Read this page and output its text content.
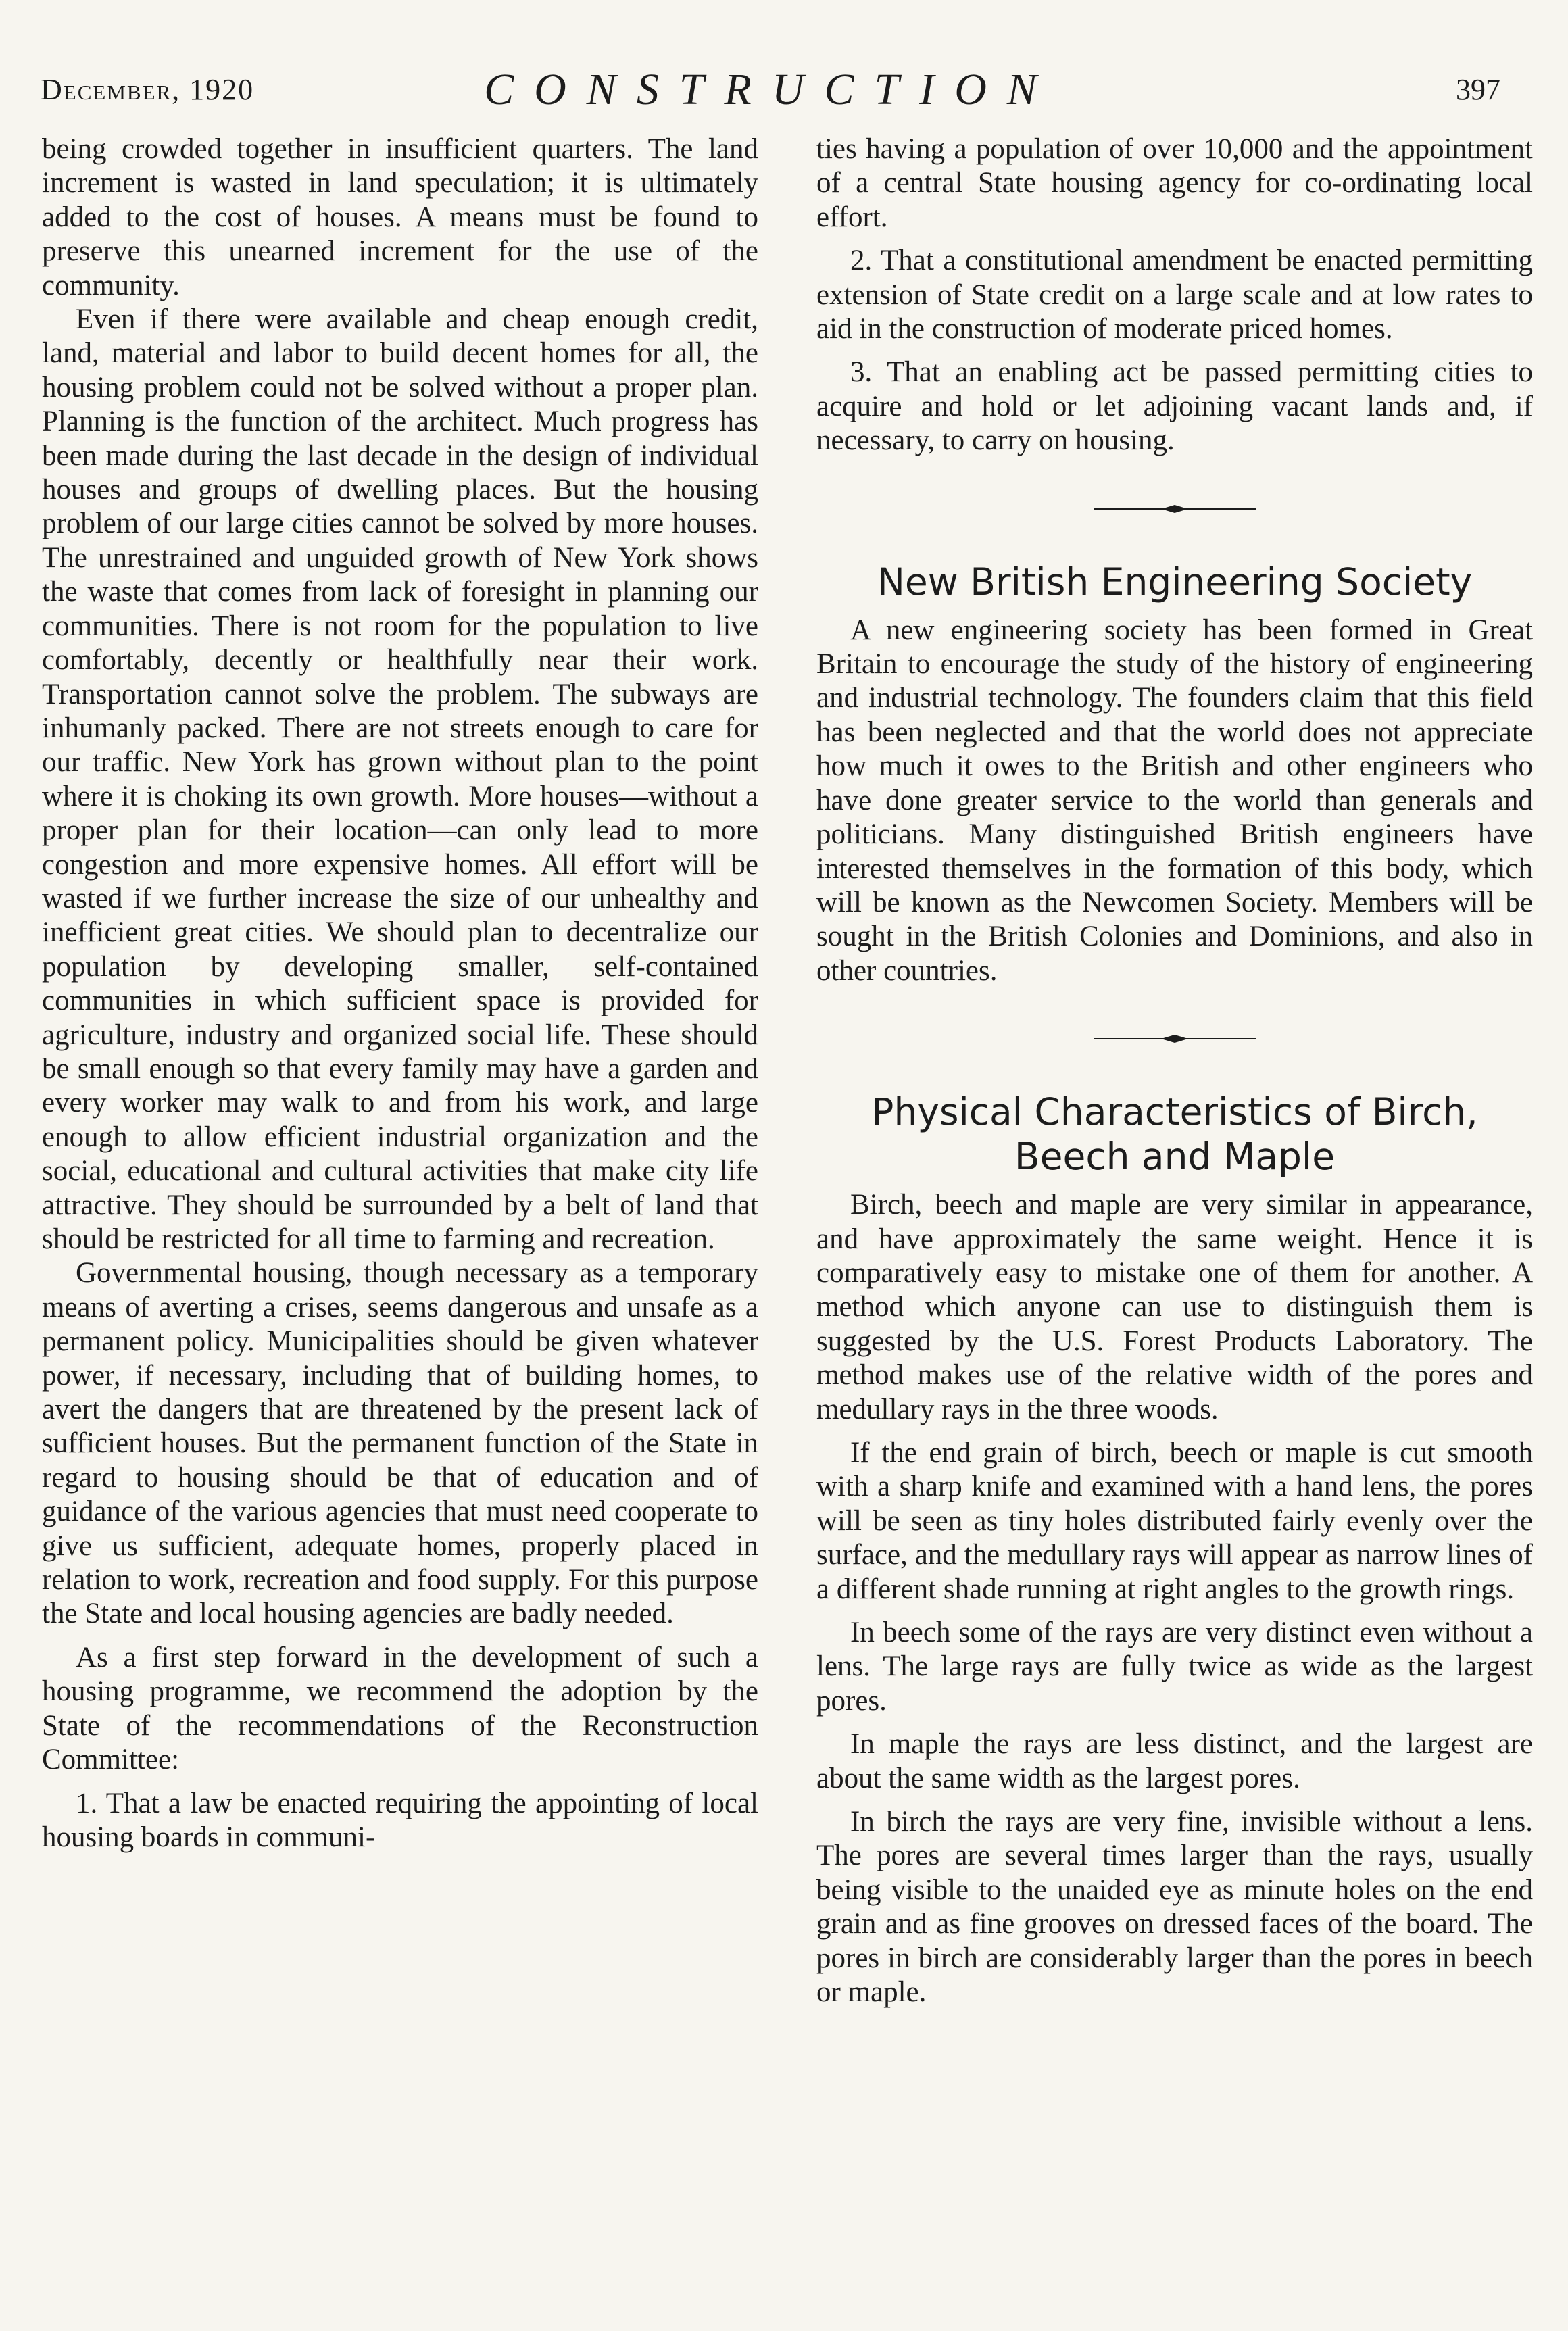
December, 1920	CONSTRUCTION	397

being crowded together in insufficient quarters. The land increment is wasted in land speculation; it is ultimately added to the cost of houses. A means must be found to preserve this unearned increment for the use of the community.

Even if there were available and cheap enough credit, land, material and labor to build decent homes for all, the housing problem could not be solved without a proper plan. Planning is the function of the architect. Much progress has been made during the last decade in the design of individual houses and groups of dwelling places. But the housing problem of our large cities cannot be solved by more houses. The unrestrained and unguided growth of New York shows the waste that comes from lack of foresight in planning our communities. There is not room for the population to live comfortably, decently or healthfully near their work. Transportation cannot solve the problem. The subways are inhumanly packed. There are not streets enough to care for our traffic. New York has grown without plan to the point where it is choking its own growth. More houses—without a proper plan for their location—can only lead to more congestion and more expensive homes. All effort will be wasted if we further increase the size of our unhealthy and inefficient great cities. We should plan to decentralize our population by developing smaller, self-contained communities in which sufficient space is provided for agriculture, industry and organized social life. These should be small enough so that every family may have a garden and every worker may walk to and from his work, and large enough to allow efficient industrial organization and the social, educational and cultural activities that make city life attractive. They should be surrounded by a belt of land that should be restricted for all time to farming and recreation.

Governmental housing, though necessary as a temporary means of averting a crises, seems dangerous and unsafe as a permanent policy. Municipalities should be given whatever power, if necessary, including that of building homes, to avert the dangers that are threatened by the present lack of sufficient houses. But the permanent function of the State in regard to housing should be that of education and of guidance of the various agencies that must need cooperate to give us sufficient, adequate homes, properly placed in relation to work, recreation and food supply. For this purpose the State and local housing agencies are badly needed.

As a first step forward in the development of such a housing programme, we recommend the adoption by the State of the recommendations of the Reconstruction Committee:

1. That a law be enacted requiring the appointing of local housing boards in communi-

ties having a population of over 10,000 and the appointment of a central State housing agency for co-ordinating local effort.

2. That a constitutional amendment be enacted permitting extension of State credit on a large scale and at low rates to aid in the construction of moderate priced homes.

3. That an enabling act be passed permitting cities to acquire and hold or let adjoining vacant lands and, if necessary, to carry on housing.

New British Engineering Society

A new engineering society has been formed in Great Britain to encourage the study of the history of engineering and industrial technology. The founders claim that this field has been neglected and that the world does not appreciate how much it owes to the British and other engineers who have done greater service to the world than generals and politicians. Many distinguished British engineers have interested themselves in the formation of this body, which will be known as the Newcomen Society. Members will be sought in the British Colonies and Dominions, and also in other countries.

Physical Characteristics of Birch, Beech and Maple

Birch, beech and maple are very similar in appearance, and have approximately the same weight. Hence it is comparatively easy to mistake one of them for another. A method which anyone can use to distinguish them is suggested by the U.S. Forest Products Laboratory. The method makes use of the relative width of the pores and medullary rays in the three woods.

If the end grain of birch, beech or maple is cut smooth with a sharp knife and examined with a hand lens, the pores will be seen as tiny holes distributed fairly evenly over the surface, and the medullary rays will appear as narrow lines of a different shade running at right angles to the growth rings.

In beech some of the rays are very distinct even without a lens. The large rays are fully twice as wide as the largest pores.

In maple the rays are less distinct, and the largest are about the same width as the largest pores.

In birch the rays are very fine, invisible without a lens. The pores are several times larger than the rays, usually being visible to the unaided eye as minute holes on the end grain and as fine grooves on dressed faces of the board. The pores in birch are considerably larger than the pores in beech or maple.
